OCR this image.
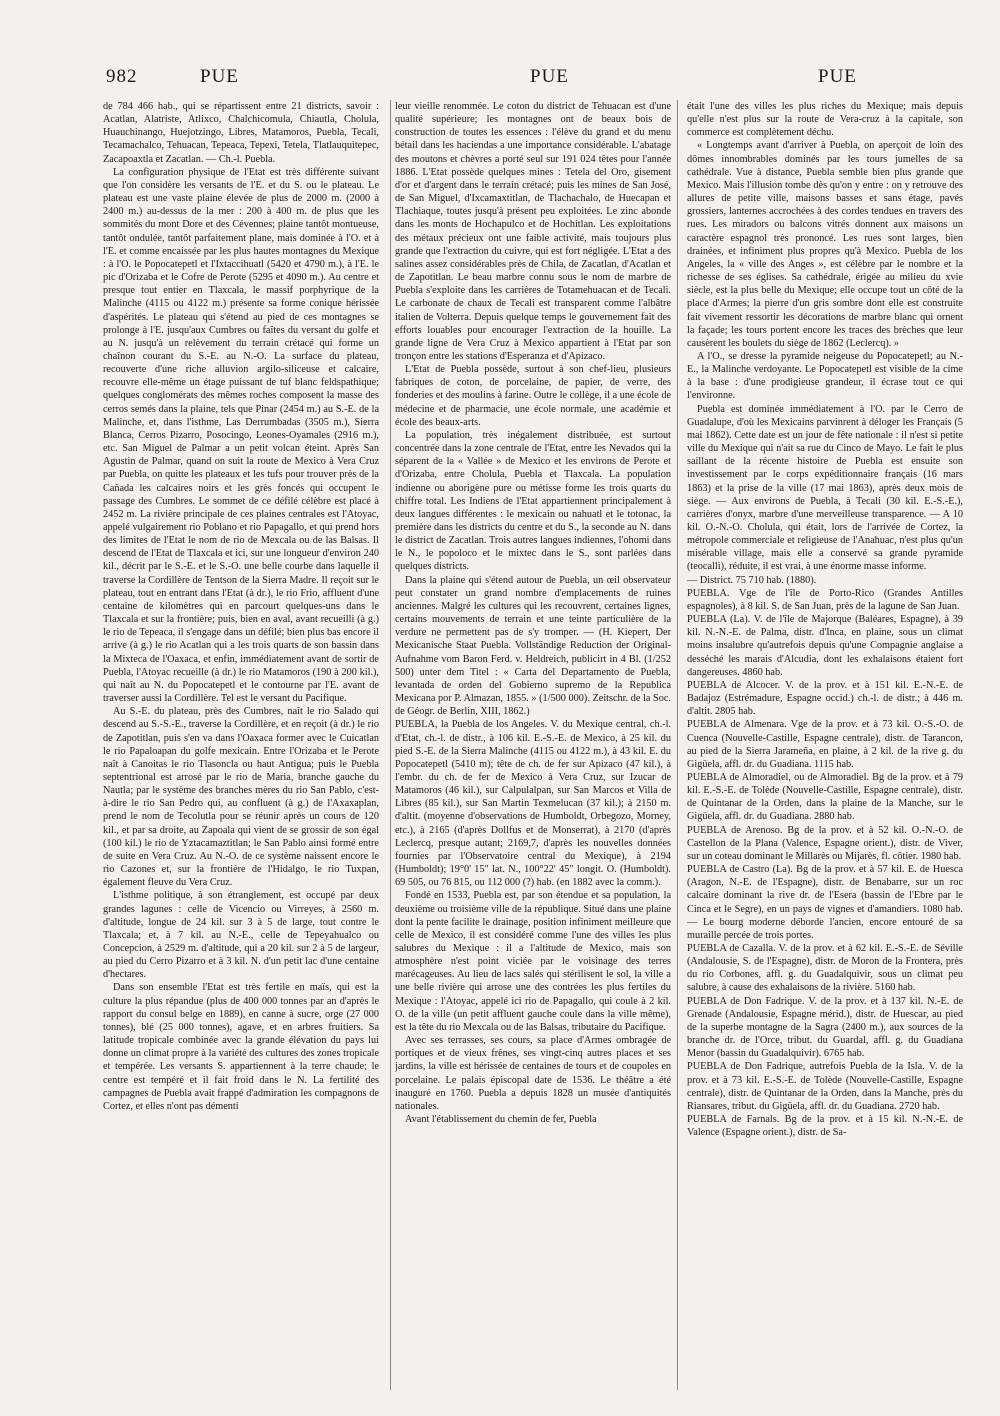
982	PUE	PUE	PUE

de 784 466 hab., qui se répartissent entre 21 districts, savoir : Acatlan, Alatriste, Atlixco, Chalchicomula, Chiautla, Cholula, Huauchinango, Huejotzingo, Libres, Matamoros, Puebla, Tecali, Tecamachalco, Tehuacan, Tepeaca, Tepexi, Tetela, Tlatlauquitepec, Zacapoaxtla et Zacatlan. — Ch.-l. Puebla.

La configuration physique de l'Etat est très différente suivant que l'on considère les versants de l'E. et du S. ou le plateau. Le plateau est une vaste plaine élevée de plus de 2000 m. (2000 à 2400 m.) au-dessus de la mer : 200 à 400 m. de plus que les sommités du mont Dore et des Cévennes; plaine tantôt montueuse, tantôt ondulée, tantôt parfaitement plane, mais dominée à l'O. et à l'E. et comme encaissée par les plus hautes montagnes du Mexique : à l'O. le Popocatepetl et l'Ixtaccihuatl (5420 et 4790 m.), à l'E. le pic d'Orizaba et le Cofre de Perote (5295 et 4090 m.). Au centre et presque tout entier en Tlaxcala, le massif porphyrique de la Malinche (4115 ou 4122 m.) présente sa forme conique hérissée d'aspérités. Le plateau qui s'étend au pied de ces montagnes se prolonge à l'E. jusqu'aux Cumbres ou faîtes du versant du golfe et au N. jusqu'à un relèvement du terrain crétacé qui forme un chaînon courant du S.-E. au N.-O. La surface du plateau, recouverte d'une riche alluvion argilo-siliceuse et calcaire, recouvre elle-même un étage puissant de tuf blanc feldspathique; quelques conglomérats des mêmes roches composent la masse des cerros semés dans la plaine, tels que Pinar (2454 m.) au S.-E. de la Malinche, et, dans l'isthme, Las Derrumbadas (3505 m.), Sierra Blanca, Cerros Pizarro, Posocingo, Leones-Oyamales (2916 m.), etc. San Miguel de Palmar a un petit volcan éteint. Après San Agustin de Palmar, quand on suit la route de Mexico à Vera Cruz par Puebla, on quitte les plateaux et les tufs pour trouver près de la Cañada les calcaires noirs et les grès foncés qui occupent le passage des Cumbres. Le sommet de ce défilé célèbre est placé à 2452 m. La rivière principale de ces plaines centrales est l'Atoyac, appelé vulgairement rio Poblano et rio Papagallo, et qui prend hors des limites de l'Etat le nom de rio de Mexcala ou de las Balsas. Il descend de l'Etat de Tlaxcala et ici, sur une longueur d'environ 240 kil., décrit par le S.-E. et le S.-O. une belle courbe dans laquelle il traverse la Cordillère de Tentson de la Sierra Madre. Il reçoit sur le plateau, tout en entrant dans l'Etat (à dr.), le rio Frio, affluent d'une centaine de kilomètres qui en parcourt quelques-uns dans le Tlaxcala et sur la frontière; puis, bien en aval, avant recueilli (à g.) le rio de Tepeaca, il s'engage dans un défilé; bien plus bas encore il arrive (à g.) le rio Acatlan qui a les trois quarts de son bassin dans la Mixteca de l'Oaxaca, et enfin, immédiatement avant de sortir de Puebla, l'Atoyac recueille (à dr.) le rio Matamoros (190 à 200 kil.), qui naît au N. du Popocatepetl et le contourne par l'E. avant de traverser aussi la Cordillère. Tel est le versant du Pacifique.

Au S.-E. du plateau, près des Cumbres, naît le rio Salado qui descend au S.-S.-E., traverse la Cordillère, et en reçoit (à dr.) le rio de Zapotitlan, puis s'en va dans l'Oaxaca former avec le Cuicatlan le rio Papaloapan du golfe mexicain. Entre l'Orizaba et le Perote naît à Canoitas le rio Tlasoncla ou haut Antigua; puis le Puebla septentrional est arrosé par le rio de Maria, branche gauche du Nautla; par le système des branches mères du rio San Pablo, c'est-à-dire le rio San Pedro qui, au confluent (à g.) de l'Axaxaplan, prend le nom de Tecolutla pour se réunir après un cours de 120 kil., et par sa droite, au Zapoala qui vient de se grossir de son égal (100 kil.) le rio de Yztacamaztitlan; le San Pablo ainsi formé entre de suite en Vera Cruz. Au N.-O. de ce système naissent encore le rio Cazones et, sur la frontière de l'Hidalgo, le rio Tuxpan, également fleuve du Vera Cruz.

L'isthme politique, à son étranglement, est occupé par deux grandes lagunes : celle de Vicencio ou Virreyes, à 2560 m. d'altitude, longue de 24 kil. sur 3 à 5 de large, tout contre le Tlaxcala; et, à 7 kil. au N.-E., celle de Tepeyahualco ou Concepcion, à 2529 m. d'altitude, qui a 20 kil. sur 2 à 5 de largeur, au pied du Cerro Pizarro et à 3 kil. N. d'un petit lac d'une centaine d'hectares.

Dans son ensemble l'Etat est très fertile en maïs, qui est la culture la plus répandue (plus de 400 000 tonnes par an d'après le rapport du consul belge en 1889), en canne à sucre, orge (27 000 tonnes), blé (25 000 tonnes), agave, et en arbres fruitiers. Sa latitude tropicale combinée avec la grande élévation du pays lui donne un climat propre à la variété des cultures des zones tropicale et tempérée. Les versants S. appartiennent à la terre chaude; le centre est tempéré et il fait froid dans le N. La fertilité des campagnes de Puebla avait frappé d'admiration les compagnons de Cortez, et elles n'ont pas démenti

leur vieille renommée. Le coton du district de Tehuacan est d'une qualité supérieure; les montagnes ont de beaux bois de construction de toutes les essences : l'élève du grand et du menu bétail dans les haciendas a une importance considérable. L'abatage des moutons et chèvres a porté seul sur 191 024 têtes pour l'année 1886. L'Etat possède quelques mines : Tetela del Oro, gisement d'or et d'argent dans le terrain crétacé; puis les mines de San José, de San Miguel, d'Ixcamaxtitlan, de Tlachachalo, de Huecapan et Tlachiaque, toutes jusqu'à présent peu exploitées. Le zinc abonde dans les monts de Hochapulco et de Hochitlan. Les exploitations des métaux précieux ont une faible activité, mais toujours plus grande que l'extraction du cuivre, qui est fort négligée. L'Etat a des salines assez considérables près de Chila, de Zacatlan, d'Acatlan et de Zapotitlan. Le beau marbre connu sous le nom de marbre de Puebla s'exploite dans les carrières de Totamehuacan et de Tecali. Le carbonate de chaux de Tecali est transparent comme l'albâtre italien de Volterra. Depuis quelque temps le gouvernement fait des efforts louables pour encourager l'extraction de la houille. La grande ligne de Vera Cruz à Mexico appartient à l'Etat par son tronçon entre les stations d'Esperanza et d'Apizaco.

L'Etat de Puebla possède, surtout à son chef-lieu, plusieurs fabriques de coton, de porcelaine, de papier, de verre, des fonderies et des moulins à farine. Outre le collège, il a une école de médecine et de pharmacie, une école normale, une académie et école des beaux-arts.

La population, très inégalement distribuée, est surtout concentrée dans la zone centrale de l'Etat, entre les Nevados qui la séparent de la « Vallée » de Mexico et les environs de Perote et d'Orizaba, entre Cholula, Puebla et Tlaxcala. La population indienne ou aborigène pure ou métisse forme les trois quarts du chiffre total. Les Indiens de l'Etat appartiennent principalement à deux langues différentes : le mexicain ou nahuatl et le totonac, la première dans les districts du centre et du S., la seconde au N. dans le district de Zacatlan. Trois autres langues indiennes, l'ohomi dans le N., le popoloco et le mixtec dans le S., sont parlées dans quelques districts.

Dans la plaine qui s'étend autour de Puebla, un œil observateur peut constater un grand nombre d'emplacements de ruines anciennes. Malgré les cultures qui les recouvrent, certaines lignes, certains mouvements de terrain et une teinte particulière de la verdure ne permettent pas de s'y tromper. — (H. Kiepert, Der Mexicanische Staat Puebla. Vollständige Reduction der Original-Aufnahme vom Baron Ferd. v. Heldreich, publicirt in 4 Bl. (1/252 500) unter dem Titel : « Carta del Departamento de Puebla, levantada de orden del Gobierno supremo de la Republica Mexicana por P. Almazan, 1855. » (1/500 000). Zeitschr. de la Soc. de Géogr. de Berlin, XIII, 1862.)

PUEBLA, la Puebla de los Angeles. V. du Mexique central, ch.-l. d'Etat, ch.-l. de distr., à 106 kil. E.-S.-E. de Mexico, à 25 kil. du pied S.-E. de la Sierra Malinche (4115 ou 4122 m.), à 43 kil. E. du Popocatepetl (5410 m); tête de ch. de fer sur Apizaco (47 kil.), à l'embr. du ch. de fer de Mexico à Vera Cruz, sur Izucar de Matamoros (46 kil.), sur Calpulalpan, sur San Marcos et Villa de Libres (85 kil.), sur San Martin Texmelucan (37 kil.); à 2150 m. d'altit. (moyenne d'observations de Humboldt, Orbegozo, Morney, etc.), à 2165 (d'après Dollfus et de Monserrat), à 2170 (d'après Leclercq, presque autant; 2169,7, d'après les nouvelles données fournies par l'Observatoire central du Mexique), à 2194 (Humboldt); 19°0' 15" lat. N., 100°22' 45" longit. O. (Humboldt). 69 505, ou 76 815, ou 112 000 (?) hab. (en 1882 avec la comm.).

Fondé en 1533, Puebla est, par son étendue et sa population, la deuxième ou troisième ville de la république. Situé dans une plaine dont la pente facilite le drainage, position infiniment meilleure que celle de Mexico, il est considéré comme l'une des villes les plus salubres du Mexique : il a l'altitude de Mexico, mais son atmosphère n'est point viciée par le voisinage des terres marécageuses. Au lieu de lacs salés qui stérilisent le sol, la ville a une belle rivière qui arrose une des contrées les plus fertiles du Mexique : l'Atoyac, appelé ici rio de Papagallo, qui coule à 2 kil. O. de la ville (un petit affluent gauche coule dans la ville même), est la tête du rio Mexcala ou de las Balsas, tributaire du Pacifique.

Avec ses terrasses, ses cours, sa place d'Armes ombragée de portiques et de vieux frênes, ses vingt-cinq autres places et ses jardins, la ville est hérissée de centaines de tours et de coupoles en porcelaine. Le palais épiscopal date de 1536. Le théâtre a été inauguré en 1760. Puebla a depuis 1828 un musée d'antiquités nationales.

Avant l'établissement du chemin de fer, Puebla

était l'une des villes les plus riches du Mexique; mais depuis qu'elle n'est plus sur la route de Vera-cruz à la capitale, son commerce est complètement déchu.

« Longtemps avant d'arriver à Puebla, on aperçoit de loin des dômes innombrables dominés par les tours jumelles de sa cathédrale. Vue à distance, Puebla semble bien plus grande que Mexico. Mais l'illusion tombe dès qu'on y entre : on y retrouve des allures de petite ville, maisons basses et sans étage, pavés grossiers, lanternes accrochées à des cordes tendues en travers des rues. Les miradors ou balcons vitrés donnent aux maisons un caractère espagnol très prononcé. Les rues sont larges, bien drainées, et infiniment plus propres qu'à Mexico. Puebla de los Angeles, la « ville des Anges », est célèbre par le nombre et la richesse de ses églises. Sa cathédrale, érigée au milieu du xvie siècle, est la plus belle du Mexique; elle occupe tout un côté de la place d'Armes; la pierre d'un gris sombre dont elle est construite fait vivement ressortir les décorations de marbre blanc qui ornent la façade; les tours portent encore les traces des brèches que leur causèrent les boulets du siège de 1862 (Leclercq). »

A l'O., se dresse la pyramide neigeuse du Popocatepetl; au N.-E., la Malinche verdoyante. Le Popocatepetl est visible de la cime à la base : d'une prodigieuse grandeur, il écrase tout ce qui l'environne.

Puebla est dominée immédiatement à l'O. par le Cerro de Guadalupe, d'où les Mexicains parvinrent à déloger les Français (5 mai 1862). Cette date est un jour de fête nationale : il n'est si petite ville du Mexique qui n'ait sa rue du Cinco de Mayo. Le fait le plus saillant de la récente histoire de Puebla est ensuite son investissement par le corps expéditionnaire français (16 mars 1863) et la prise de la ville (17 mai 1863), après deux mois de siège. — Aux environs de Puebla, à Tecali (30 kil. E.-S.-E.), carrières d'onyx, marbre d'une merveilleuse transparence. — A 10 kil. O.-N.-O. Cholula, qui était, lors de l'arrivée de Cortez, la métropole commerciale et religieuse de l'Anahuac, n'est plus qu'un misérable village, mais elle a conservé sa grande pyramide (teocalli), réduite, il est vrai, à une énorme masse informe.

— District. 75 710 hab. (1880).

PUEBLA. Vge de l'île de Porto-Rico (Grandes Antilles espagnoles), à 8 kil. S. de San Juan, près de la lagune de San Juan.

PUEBLA (La). V. de l'île de Majorque (Baléares, Espagne), à 39 kil. N.-N.-E. de Palma, distr. d'Inca, en plaine, sous un climat moins insalubre qu'autrefois depuis qu'une Compagnie anglaise a desséché les marais d'Alcudia, dont les exhalaisons étaient fort dangereuses. 4860 hab.

PUEBLA de Alcocer. V. de la prov. et à 151 kil. E.-N.-E. de Badajoz (Estrémadure, Espagne occid.) ch.-l. de distr.; à 446 m. d'altit. 2805 hab.

PUEBLA de Almenara. Vge de la prov. et à 73 kil. O.-S.-O. de Cuenca (Nouvelle-Castille, Espagne centrale), distr. de Tarancon, au pied de la Sierra Jarameña, en plaine, à 2 kil. de la rive g. du Gigüela, affl. dr. du Guadiana. 1115 hab.

PUEBLA de Almoradiel, ou de Almoradiel. Bg de la prov. et à 79 kil. E.-S.-E. de Tolède (Nouvelle-Castille, Espagne centrale), distr. de Quintanar de la Orden, dans la plaine de la Manche, sur le Gigüela, affl. dr. du Guadiana. 2880 hab.

PUEBLA de Arenoso. Bg de la prov. et à 52 kil. O.-N.-O. de Castellon de la Plana (Valence, Espagne orient.), distr. de Viver, sur un coteau dominant le Millarès ou Mijarès, fl. côtier. 1980 hab.

PUEBLA de Castro (La). Bg de la prov. et à 57 kil. E. de Huesca (Aragon, N.-E. de l'Espagne), distr. de Benabarre, sur un roc calcaire dominant la rive dr. de l'Esera (bassin de l'Ebre par le Cinca et le Segre), en un pays de vignes et d'amandiers. 1080 hab. — Le bourg moderne déborde l'ancien, encore entouré de sa muraille percée de trois portes.

PUEBLA de Cazalla. V. de la prov. et à 62 kil. E.-S.-E. de Séville (Andalousie, S. de l'Espagne), distr. de Moron de la Frontera, près du rio Corbones, affl. g. du Guadalquivir, sous un climat peu salubre, à cause des exhalaisons de la rivière. 5160 hab.

PUEBLA de Don Fadrique. V. de la prov. et à 137 kil. N.-E. de Grenade (Andalousie, Espagne mérid.), distr. de Huescar, au pied de la superbe montagne de la Sagra (2400 m.), aux sources de la branche dr. de l'Orce, tribut. du Guardal, affl. g. du Guadiana Menor (bassin du Guadalquivir). 6765 hab.

PUEBLA de Don Fadrique, autrefois Puebla de la Isla. V. de la prov. et à 73 kil. E.-S.-E. de Tolède (Nouvelle-Castille, Espagne centrale), distr. de Quintanar de la Orden, dans la Manche, près du Riansares, tribut. du Gigüela, affl. dr. du Guadiana. 2720 hab.

PUEBLA de Farnals. Bg de la prov. et à 15 kil. N.-N.-E. de Valence (Espagne orient.), distr. de Sa-
